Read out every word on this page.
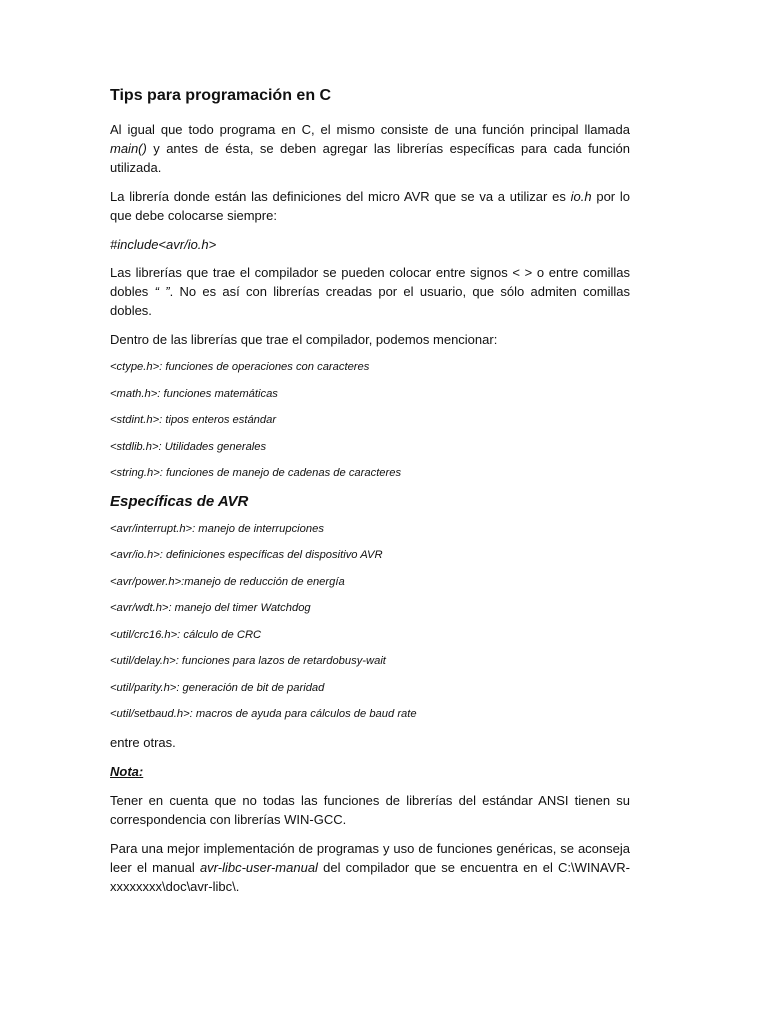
Tips para programación en C

Al igual que todo programa en C, el mismo consiste de una función principal llamada main() y antes de ésta, se deben agregar las librerías específicas para cada función utilizada.

La librería donde están las definiciones del micro AVR que se va a utilizar es io.h por lo que debe colocarse siempre:

#include<avr/io.h>

Las librerías que trae el compilador se pueden colocar entre signos < > o entre comillas dobles “ ”. No es así con librerías creadas por el usuario, que sólo admiten comillas dobles.

Dentro de las librerías que trae el compilador, podemos mencionar:

<ctype.h>: funciones de operaciones con caracteres
<math.h>: funciones matemáticas
<stdint.h>: tipos enteros estándar
<stdlib.h>: Utilidades generales
<string.h>: funciones de manejo de cadenas de caracteres
Específicas de AVR
<avr/interrupt.h>: manejo de interrupciones
<avr/io.h>: definiciones específicas del dispositivo AVR
<avr/power.h>:manejo de reducción de energía
<avr/wdt.h>: manejo del timer Watchdog
<util/crc16.h>: cálculo de CRC
<util/delay.h>: funciones para lazos de retardobusy-wait
<util/parity.h>: generación de bit de paridad
<util/setbaud.h>: macros de ayuda para cálculos de baud rate
entre otras.
Nota:

Tener en cuenta que no todas las funciones de librerías del estándar ANSI tienen su correspondencia con librerías WIN-GCC.

Para una mejor implementación de programas y uso de funciones genéricas, se aconseja leer el manual avr-libc-user-manual del compilador que se encuentra en el C:\WINAVR-xxxxxxxx\doc\avr-libc\.
